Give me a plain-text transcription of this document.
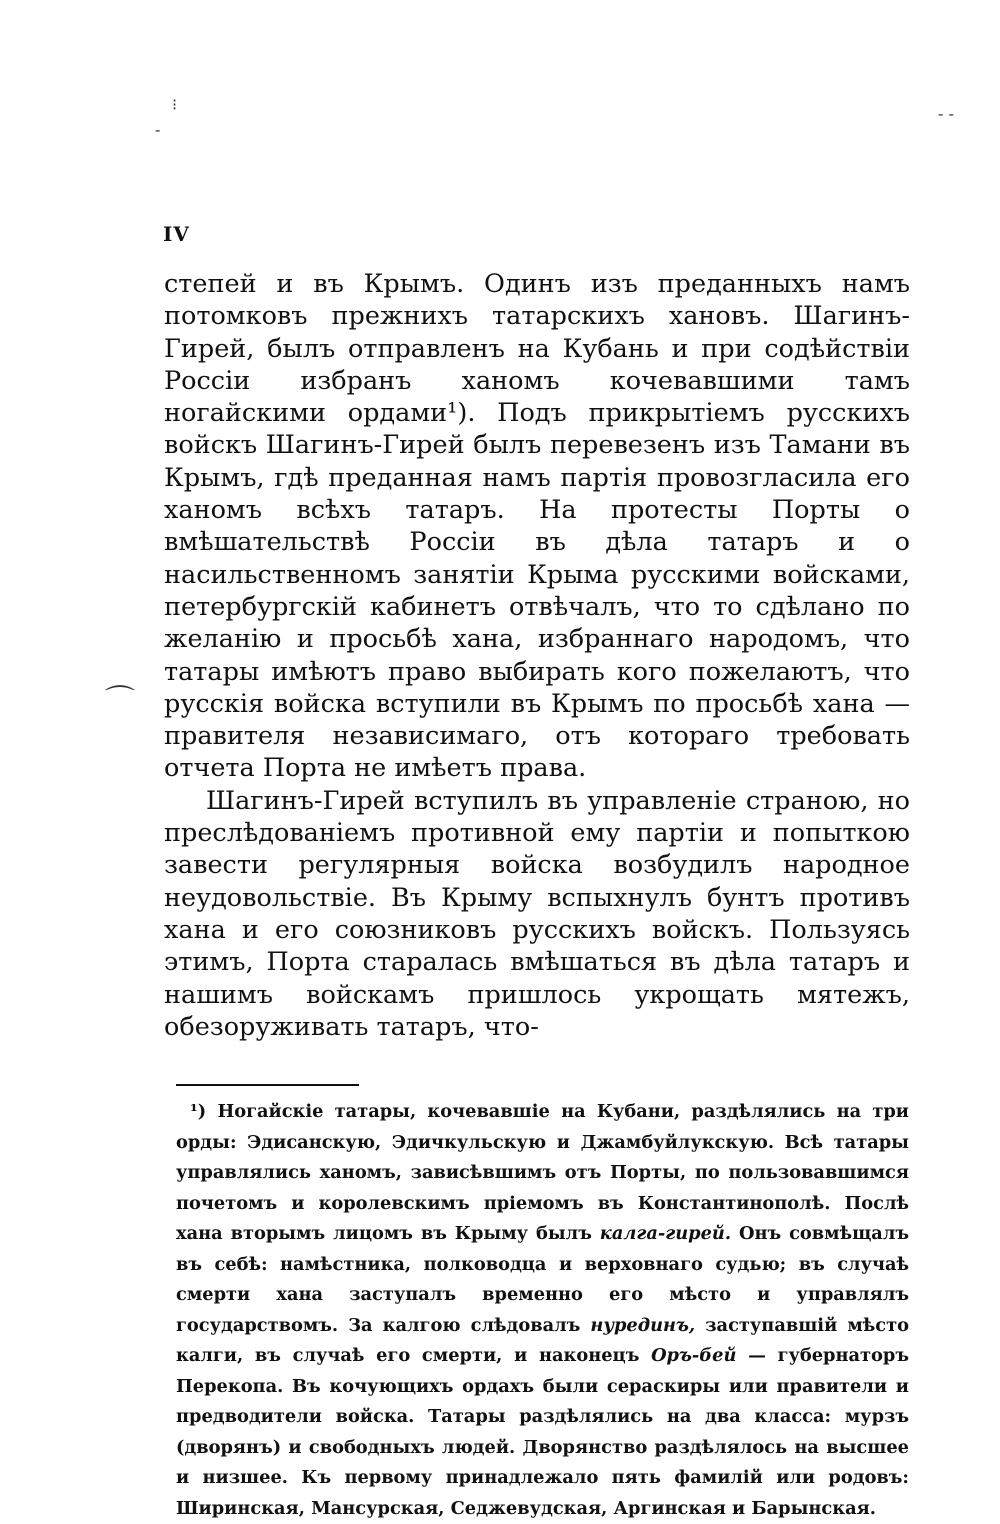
⁝
‐
- -
⌒
IV

степей и въ Крымъ. Одинъ изъ преданныхъ намъ потомковъ прежнихъ татарскихъ хановъ. Шагинъ-Гирей, былъ отправленъ на Кубань и при содѣйствіи Россіи избранъ ханомъ кочевавшими тамъ ногайскими ордами¹). Подъ прикрытіемъ русскихъ войскъ Шагинъ-Гирей былъ перевезенъ изъ Тамани въ Крымъ, гдѣ преданная намъ партія провозгласила его ханомъ всѣхъ татаръ. На протесты Порты о вмѣшательствѣ Россіи въ дѣла татаръ и о насильственномъ занятіи Крыма русскими войсками, петербургскій кабинетъ отвѣчалъ, что то сдѣлано по желанію и просьбѣ хана, избраннаго народомъ, что татары имѣютъ право выбирать кого пожелаютъ, что русскія войска вступили въ Крымъ по просьбѣ хана — правителя независимаго, отъ котораго требовать отчета Порта не имѣетъ права.

Шагинъ-Гирей вступилъ въ управленіе страною, но преслѣдованіемъ противной ему партіи и попыткою завести регулярныя войска возбудилъ народное неудовольствіе. Въ Крыму вспыхнулъ бунтъ противъ хана и его союзниковъ русскихъ войскъ. Пользуясь этимъ, Порта старалась вмѣшаться въ дѣла татаръ и нашимъ войскамъ пришлось укрощать мятежъ, обезоруживать татаръ, что-

¹) Ногайскіе татары, кочевавшіе на Кубани, раздѣлялись на три орды: Эдисанскую, Эдичкульскую и Джамбуйлукскую. Всѣ татары управлялись ханомъ, зависѣвшимъ отъ Порты, по пользовавшимся почетомъ и королевскимъ пріемомъ въ Константинополѣ. Послѣ хана вторымъ лицомъ въ Крыму былъ калга-гирей. Онъ совмѣщалъ въ себѣ: намѣстника, полководца и верховнаго судью; въ случаѣ смерти хана заступалъ временно его мѣсто и управлялъ государствомъ. За калгою слѣдовалъ нурединъ, заступавшій мѣсто калги, въ случаѣ его смерти, и наконецъ Оръ-бей — губернаторъ Перекопа. Въ кочующихъ ордахъ были сераскиры или правители и предводители войска. Татары раздѣлялись на два класса: мурзъ (дворянъ) и свободныхъ людей. Дворянство раздѣлялось на высшее и низшее. Къ первому принадлежало пять фамилій или родовъ: Ширинская, Мансурская, Седжевудская, Аргинская и Барынская.
